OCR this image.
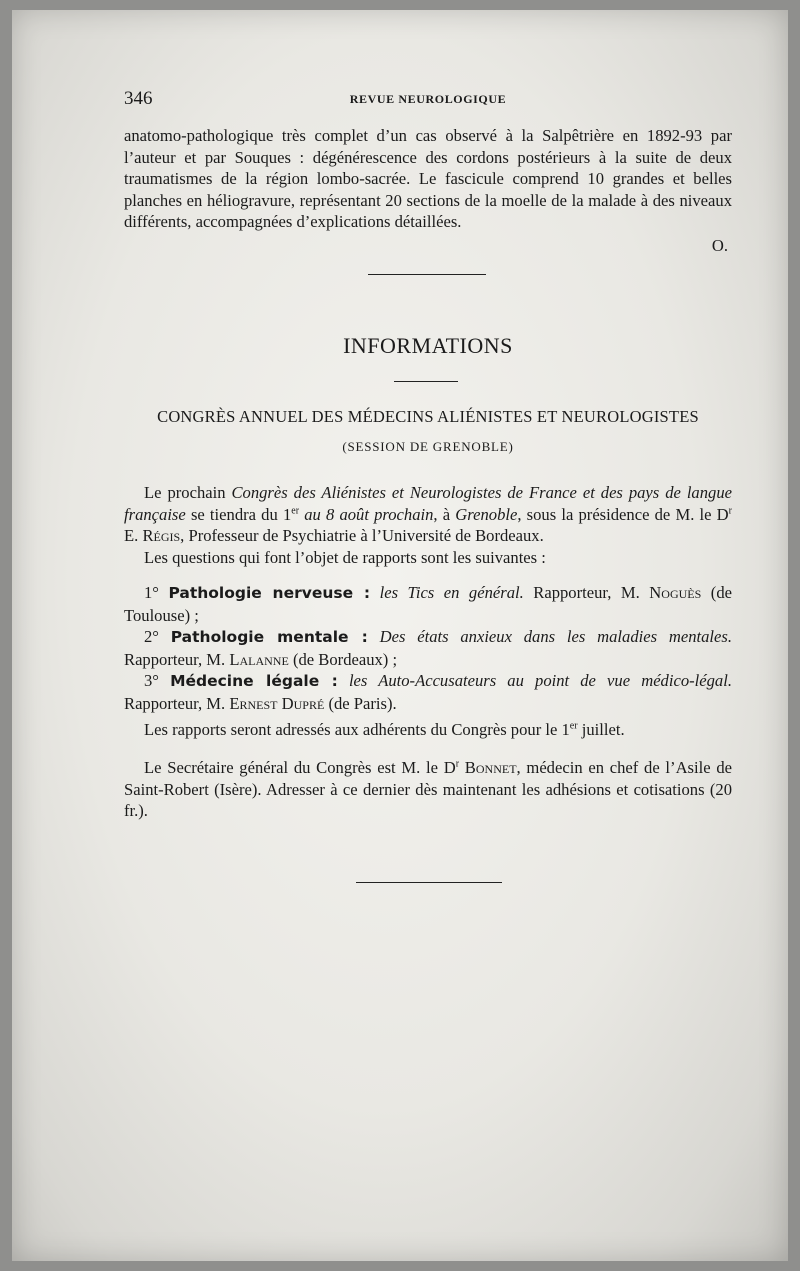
346	REVUE NEUROLOGIQUE

anatomo-pathologique très complet d’un cas observé à la Salpêtrière en 1892-93 par l’auteur et par Souques : dégénérescence des cordons postérieurs à la suite de deux traumatismes de la région lombo-sacrée. Le fascicule comprend 10 grandes et belles planches en héliogravure, représentant 20 sections de la moelle de la malade à des niveaux différents, accompagnées d’explications détaillées.

O.

INFORMATIONS
CONGRÈS ANNUEL DES MÉDECINS ALIÉNISTES ET NEUROLOGISTES
(SESSION DE GRENOBLE)

Le prochain Congrès des Aliénistes et Neurologistes de France et des pays de langue française se tiendra du 1er au 8 août prochain, à Grenoble, sous la présidence de M. le $D^r$ E. Régis, Professeur de Psychiatrie à l’Université de Bordeaux.

Les questions qui font l’objet de rapports sont les suivantes :

1° Pathologie nerveuse : les Tics en général. Rapporteur, M. Noguès (de Toulouse) ;

2° Pathologie mentale : Des états anxieux dans les maladies mentales. Rapporteur, M. Lalanne (de Bordeaux) ;

3° Médecine légale : les Auto-Accusateurs au point de vue médico-légal. Rapporteur, M. Ernest Dupré (de Paris).

Les rapports seront adressés aux adhérents du Congrès pour le 1er juillet.

Le Secrétaire général du Congrès est M. le $D^r$ Bonnet, médecin en chef de l’Asile de Saint-Robert (Isère). Adresser à ce dernier dès maintenant les adhésions et cotisations (20 fr.).
